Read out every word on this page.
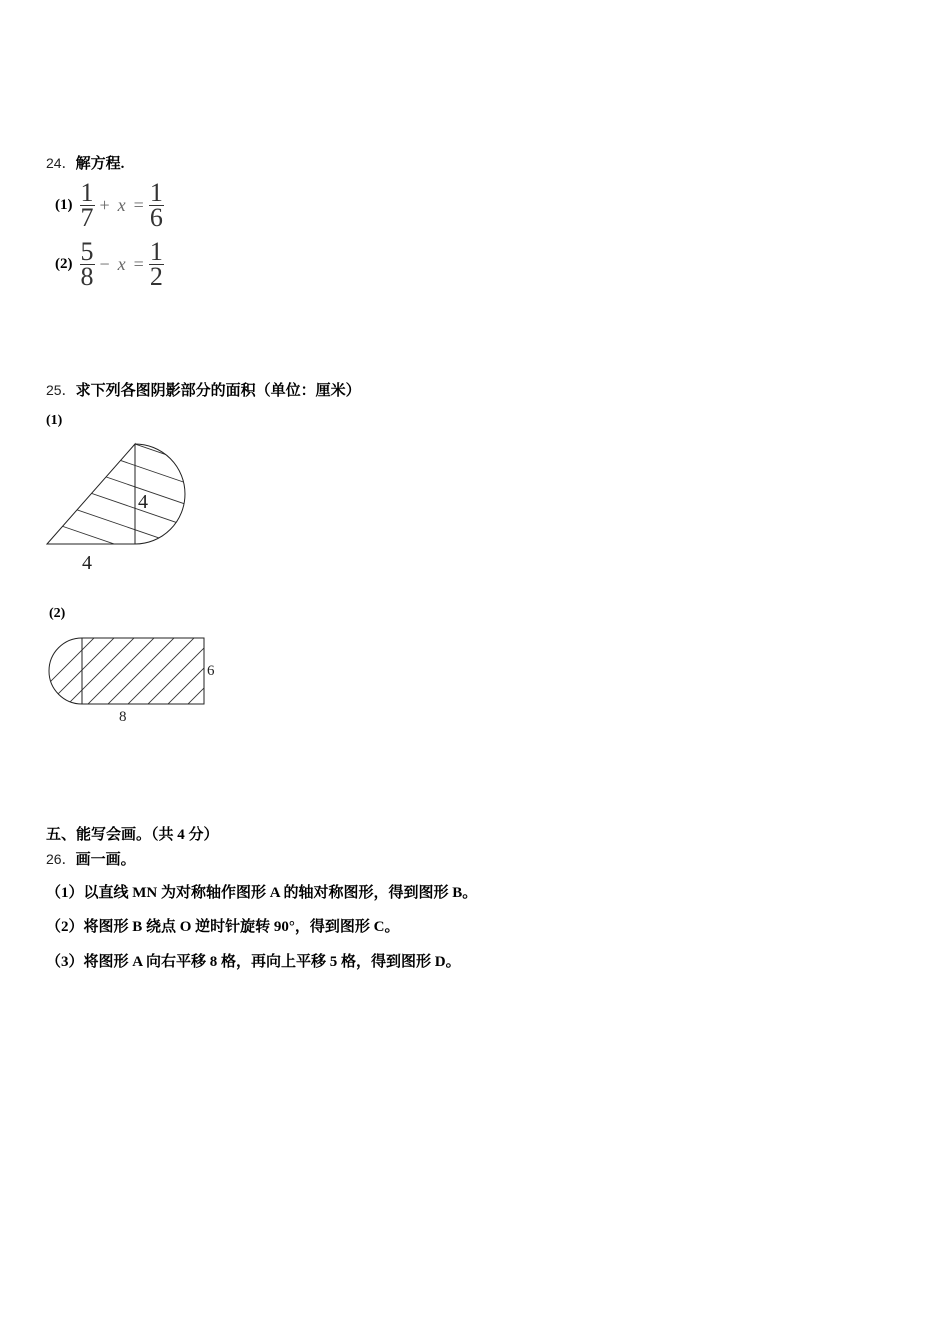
24．解方程.
$(1) \frac{1}{7} + x = \frac{1}{6}$
$(2) \frac{5}{8} - x = \frac{1}{2}$
25．求下列各图阴影部分的面积（单位：厘米）
(1)
4
4
(2)
6
8
五、能写会画。（共 4 分）
26．画一画。
（1）以直线 MN 为对称轴作图形 A 的轴对称图形，得到图形 B。
（2）将图形 B 绕点 O 逆时针旋转 90°，得到图形 C。
（3）将图形 A 向右平移 8 格，再向上平移 5 格，得到图形 D。
